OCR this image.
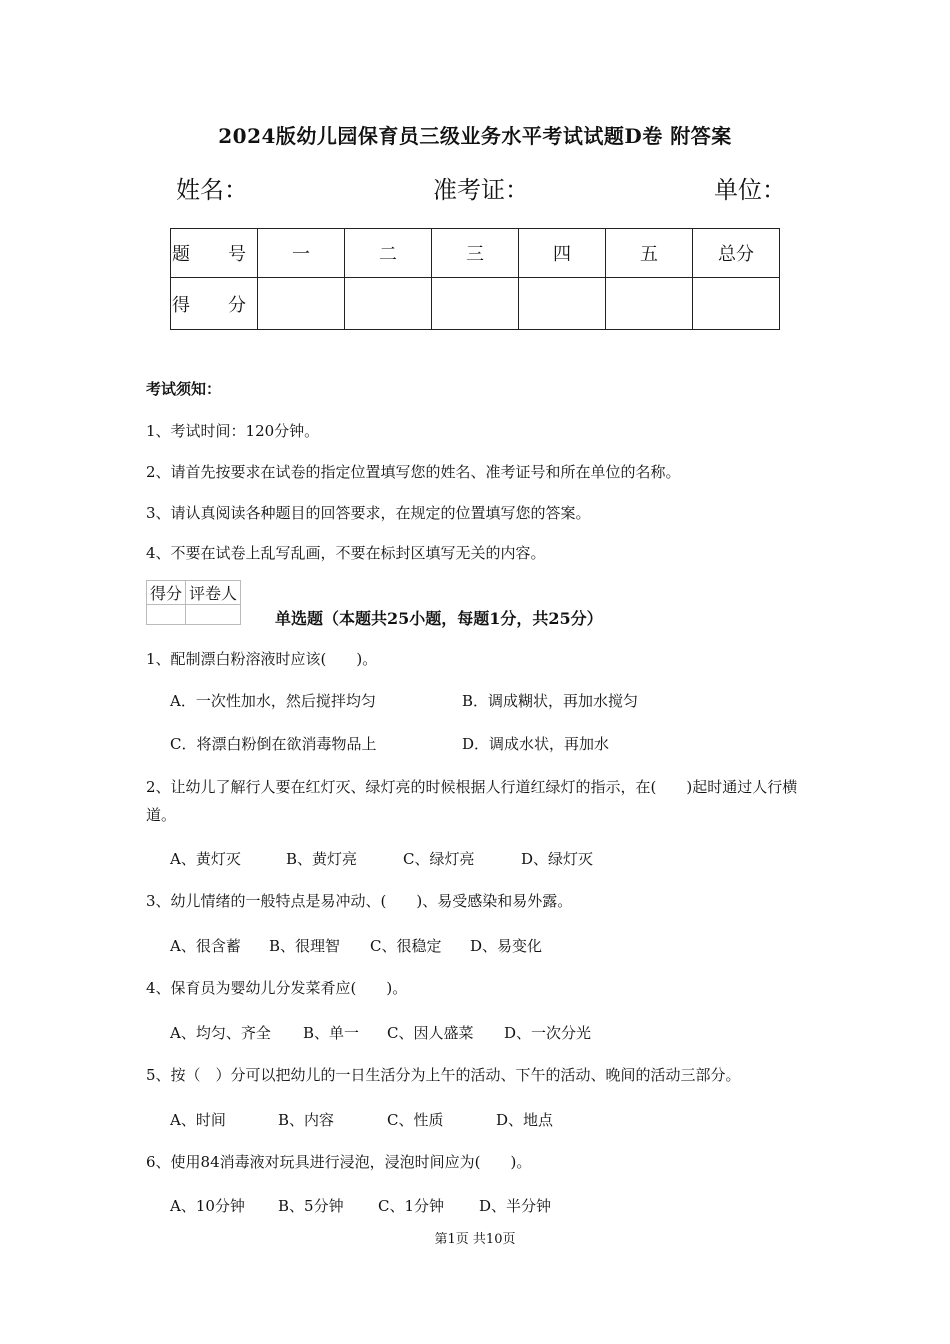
2024版幼儿园保育员三级业务水平考试试题D卷 附答案
姓名：	准考证：	单位：
题　号	一	二	三	四	五	总分
得　分						
考试须知：
1、考试时间：120分钟。
2、请首先按要求在试卷的指定位置填写您的姓名、准考证号和所在单位的名称。
3、请认真阅读各种题目的回答要求，在规定的位置填写您的答案。
4、不要在试卷上乱写乱画，不要在标封区填写无关的内容。
得分	评卷人

单选题（本题共25小题，每题1分，共25分）
1、配制漂白粉溶液时应该(　　)。
A．一次性加水，然后搅拌均匀	B．调成糊状，再加水搅匀
C．将漂白粉倒在欲消毒物品上	D．调成水状，再加水
2、让幼儿了解行人要在红灯灭、绿灯亮的时候根据人行道红绿灯的指示，在(　　)起时通过人行横道。
A、黄灯灭	B、黄灯亮	C、绿灯亮	D、绿灯灭
3、幼儿情绪的一般特点是易冲动、(　　)、易受感染和易外露。
A、很含蓄 B、很理智 C、很稳定 D、易变化
4、保育员为婴幼儿分发菜肴应(　　)。
A、均匀、齐全 B、单一 C、因人盛菜 D、一次分光
5、按（　）分可以把幼儿的一日生活分为上午的活动、下午的活动、晚间的活动三部分。
A、时间	B、内容	C、性质	D、地点
6、使用84消毒液对玩具进行浸泡，浸泡时间应为(　　)。
A、10分钟 B、5分钟 C、1分钟 D、半分钟
第1页 共10页
